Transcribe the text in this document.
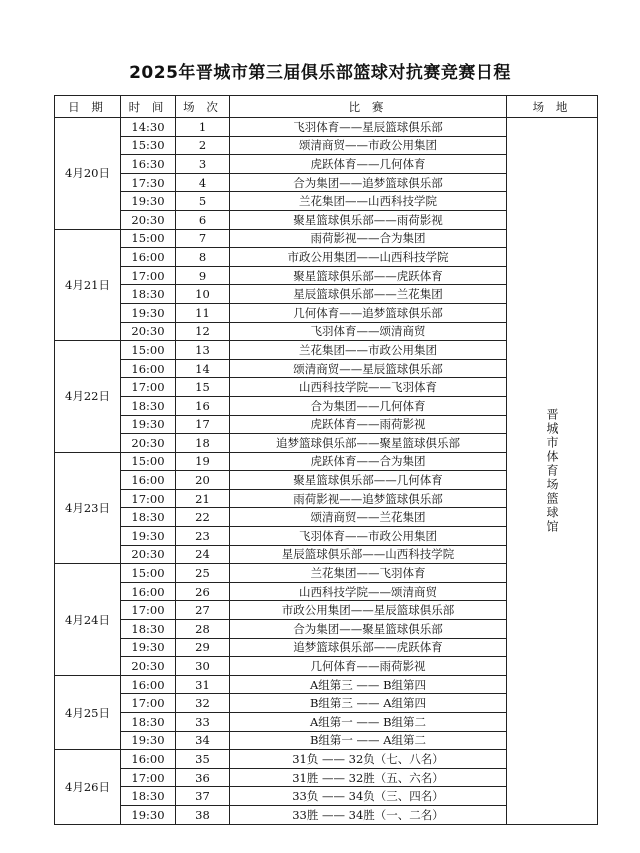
2025年晋城市第三届俱乐部篮球对抗赛竞赛日程
日 期	时 间	场 次	比 赛	场 地
4月20日	14:30	1	飞羽体育——星辰篮球俱乐部	晋城市体育场篮球馆
	15:30	2	颂清商贸——市政公用集团	
	16:30	3	虎跃体育——几何体育	
	17:30	4	合为集团——追梦篮球俱乐部	
	19:30	5	兰花集团——山西科技学院	
	20:30	6	聚星篮球俱乐部——雨荷影视	
4月21日	15:00	7	雨荷影视——合为集团	
	16:00	8	市政公用集团——山西科技学院	
	17:00	9	聚星篮球俱乐部——虎跃体育	
	18:30	10	星辰篮球俱乐部——兰花集团	
	19:30	11	几何体育——追梦篮球俱乐部	
	20:30	12	飞羽体育——颂清商贸	
4月22日	15:00	13	兰花集团——市政公用集团	
	16:00	14	颂清商贸——星辰篮球俱乐部	
	17:00	15	山西科技学院——飞羽体育	
	18:30	16	合为集团——几何体育	
	19:30	17	虎跃体育——雨荷影视	
	20:30	18	追梦篮球俱乐部——聚星篮球俱乐部	
4月23日	15:00	19	虎跃体育——合为集团	
	16:00	20	聚星篮球俱乐部——几何体育	
	17:00	21	雨荷影视——追梦篮球俱乐部	
	18:30	22	颂清商贸——兰花集团	
	19:30	23	飞羽体育——市政公用集团	
	20:30	24	星辰篮球俱乐部——山西科技学院	
4月24日	15:00	25	兰花集团——飞羽体育	
	16:00	26	山西科技学院——颂清商贸	
	17:00	27	市政公用集团——星辰篮球俱乐部	
	18:30	28	合为集团——聚星篮球俱乐部	
	19:30	29	追梦篮球俱乐部——虎跃体育	
	20:30	30	几何体育——雨荷影视	
4月25日	16:00	31	A组第三 —— B组第四	
	17:00	32	B组第三 —— A组第四	
	18:30	33	A组第一 —— B组第二	
	19:30	34	B组第一 —— A组第二	
4月26日	16:00	35	31负 —— 32负（七、八名）	
	17:00	36	31胜 —— 32胜（五、六名）	
	18:30	37	33负 —— 34负（三、四名）	
	19:30	38	33胜 —— 34胜（一、二名）	
